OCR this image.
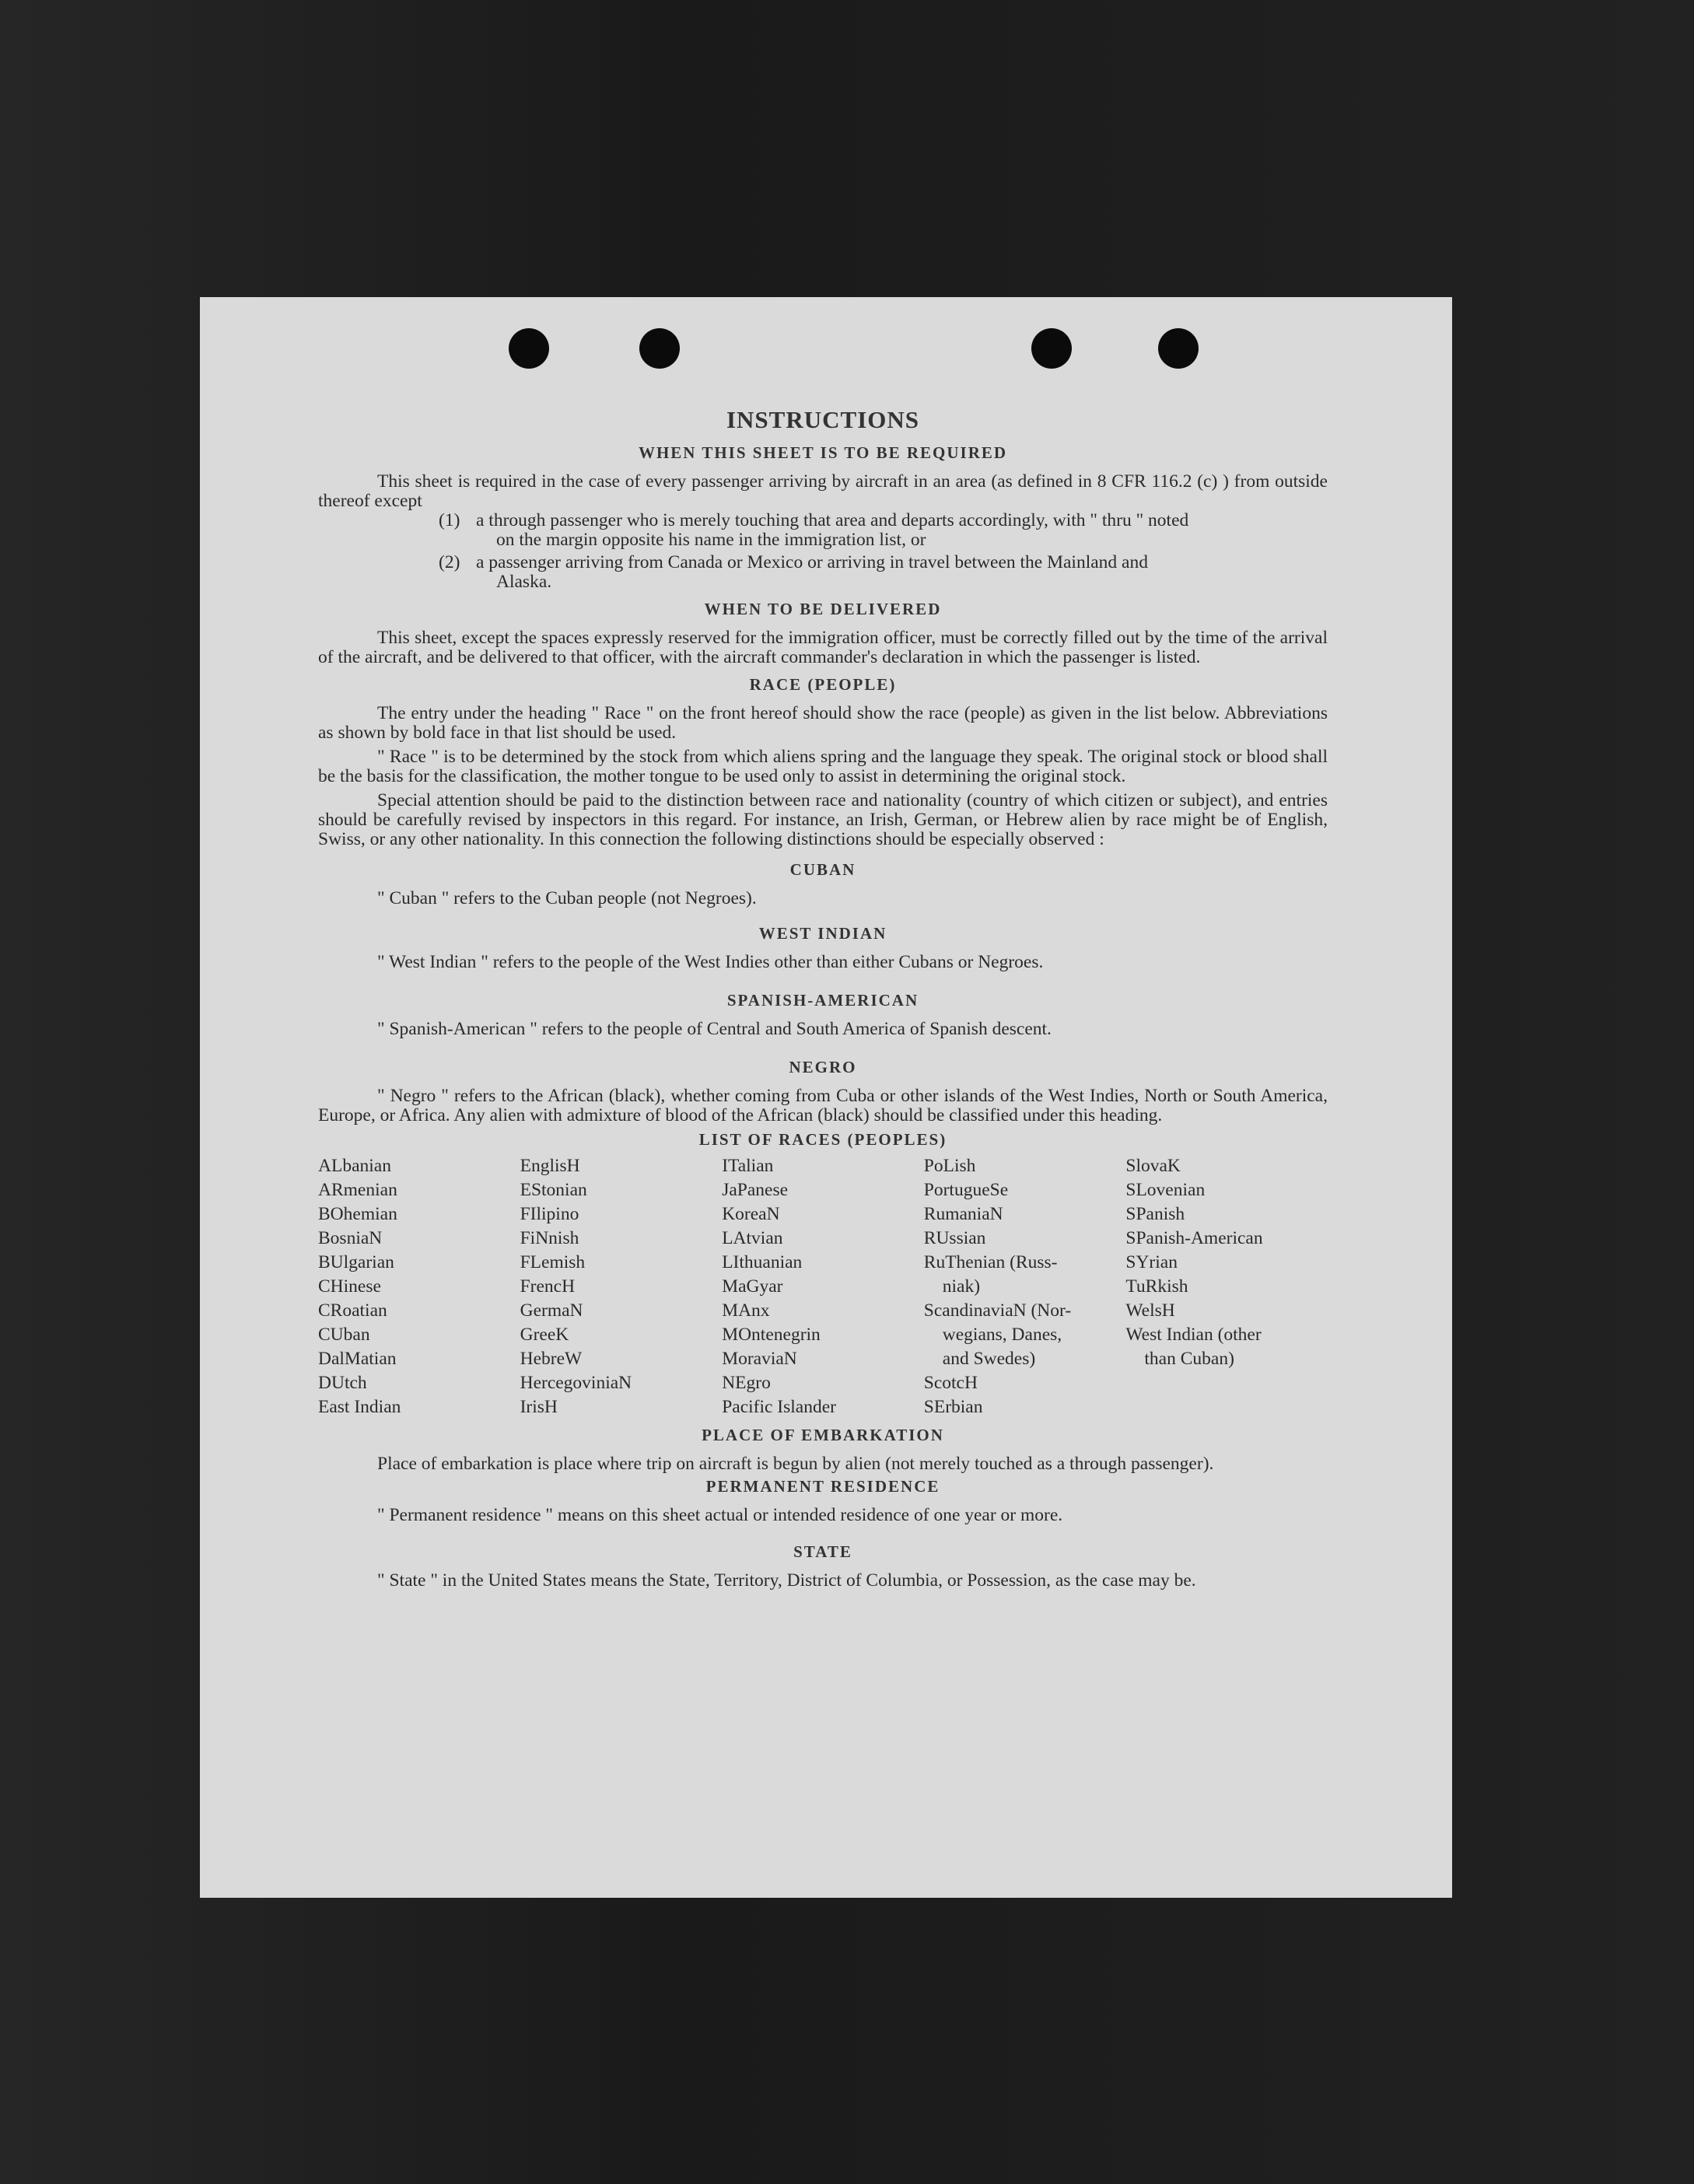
INSTRUCTIONS
WHEN THIS SHEET IS TO BE REQUIRED

This sheet is required in the case of every passenger arriving by aircraft in an area (as defined in 8 CFR 116.2 (c) ) from outside thereof except

(1) a through passenger who is merely touching that area and departs accordingly, with " thru " noted
on the margin opposite his name in the immigration list, or
(2) a passenger arriving from Canada or Mexico or arriving in travel between the Mainland and
Alaska.
WHEN TO BE DELIVERED

This sheet, except the spaces expressly reserved for the immigration officer, must be correctly filled out by the time of the arrival of the aircraft, and be delivered to that officer, with the aircraft commander's declaration in which the passenger is listed.

RACE (PEOPLE)

The entry under the heading " Race " on the front hereof should show the race (people) as given in the list below. Abbreviations as shown by bold face in that list should be used.

" Race " is to be determined by the stock from which aliens spring and the language they speak. The original stock or blood shall be the basis for the classification, the mother tongue to be used only to assist in determining the original stock.

Special attention should be paid to the distinction between race and nationality (country of which citizen or subject), and entries should be carefully revised by inspectors in this regard. For instance, an Irish, German, or Hebrew alien by race might be of English, Swiss, or any other nationality. In this connection the following distinctions should be especially observed :

CUBAN

" Cuban " refers to the Cuban people (not Negroes).

WEST INDIAN

" West Indian " refers to the people of the West Indies other than either Cubans or Negroes.

SPANISH-AMERICAN

" Spanish-American " refers to the people of Central and South America of Spanish descent.

NEGRO

" Negro " refers to the African (black), whether coming from Cuba or other islands of the West Indies, North or South America, Europe, or Africa. Any alien with admixture of blood of the African (black) should be classified under this heading.

LIST OF RACES (PEOPLES)
ALbanian
ARmenian
BOhemian
BosniaN
BUlgarian
CHinese
CRoatian
CUban
DalMatian
DUtch
East Indian
EnglisH
EStonian
FIlipino
FiNnish
FLemish
FrencH
GermaN
GreeK
HebreW
HercegoviniaN
IrisH
ITalian
JaPanese
KoreaN
LAtvian
LIthuanian
MaGyar
MAnx
MOntenegrin
MoraviaN
NEgro
Pacific Islander
PoLish
PortugueSe
RumaniaN
RUssian
RuThenian (Russ-
niak)
ScandinaviaN (Nor-
wegians, Danes,
and Swedes)
ScotcH
SErbian
SlovaK
SLovenian
SPanish
SPanish-American
SYrian
TuRkish
WelsH
West Indian (other
than Cuban)
PLACE OF EMBARKATION

Place of embarkation is place where trip on aircraft is begun by alien (not merely touched as a through passenger).

PERMANENT RESIDENCE

" Permanent residence " means on this sheet actual or intended residence of one year or more.

STATE

" State " in the United States means the State, Territory, District of Columbia, or Possession, as the case may be.
